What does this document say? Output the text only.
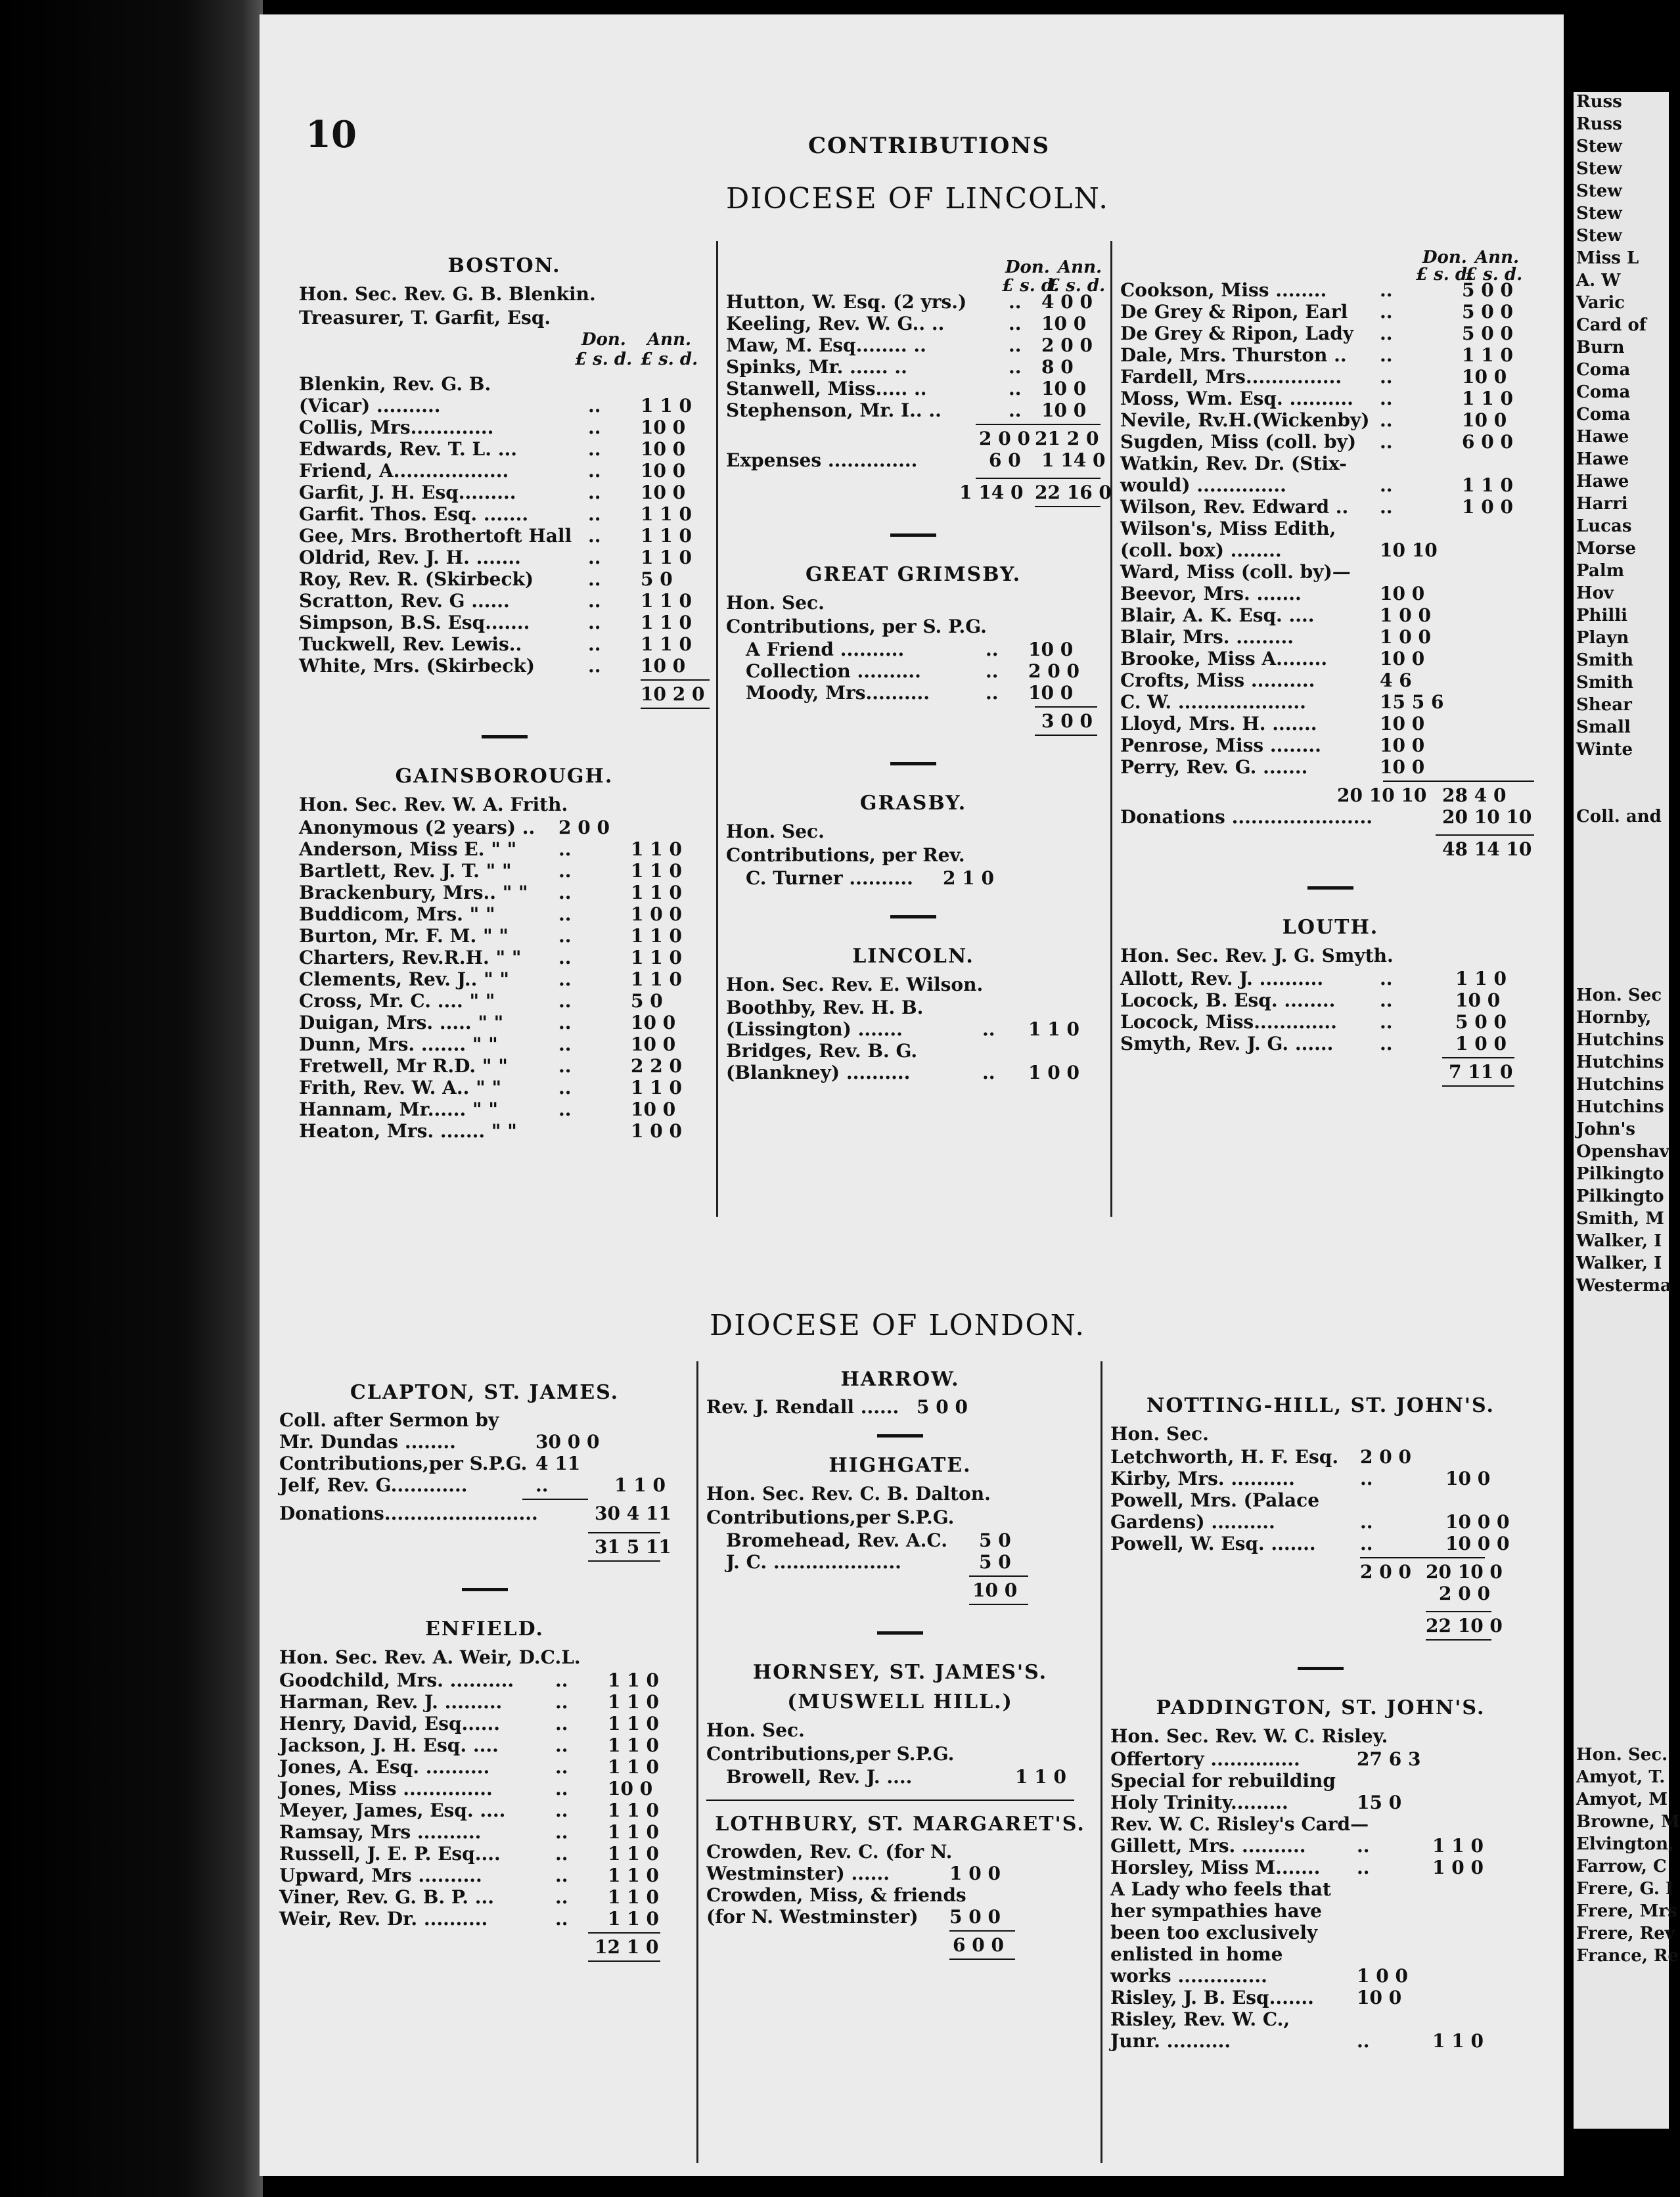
10	CONTRIBUTIONS
DIOCESE OF LINCOLN.
DIOCESE OF LONDON.
BOSTON.
Hon. Sec. Rev. G. B. Blenkin.
Treasurer, T. Garfit, Esq.
Don. Ann.
£ s. d. £ s. d.
Blenkin, Rev. G. B.
(Vicar) ..........	.. 1 1 0
Collis, Mrs.............	.. 10 0
Edwards, Rev. T. L. ...	.. 10 0
Friend, A..................	.. 10 0
Garfit, J. H. Esq.........	.. 10 0
Garfit. Thos. Esq. .......	.. 1 1 0
Gee, Mrs. Brothertoft Hall .. 1 1 0
Oldrid, Rev. J. H. .......	.. 1 1 0
Roy, Rev. R. (Skirbeck)	.. 5 0
Scratton, Rev. G ......	.. 1 1 0
Simpson, B.S. Esq.......	.. 1 1 0
Tuckwell, Rev. Lewis..	.. 1 1 0
White, Mrs. (Skirbeck)	.. 10 0
10 2 0
GAINSBOROUGH.
Hon. Sec. Rev. W. A. Frith.
Anonymous (2 years) .. 2 0 0
Anderson, Miss E. " " ..	1 1 0
Bartlett, Rev. J. T. " "	..	1 1 0
Brackenbury, Mrs.. " " ..	1 1 0
Buddicom, Mrs. " "	..	1 0 0
Burton, Mr. F. M. " "	..	1 1 0
Charters, Rev.R.H. " " ..	1 1 0
Clements, Rev. J.. " "	..	1 1 0
Cross, Mr. C. .... " "	..	5 0
Duigan, Mrs. ..... " "	..	10 0
Dunn, Mrs. ....... " "	..	10 0
Fretwell, Mr R.D. " "	..	2 2 0
Frith, Rev. W. A.. " "	..	1 1 0
Hannam, Mr...... " "	..	10 0
Heaton, Mrs. ....... " "	1 0 0
Don. Ann.
£ s. d.
£ s. d.
Hutton, W. Esq. (2 yrs.) .. 4 0 0
Keeling, Rev. W. G.. ..	.. 10 0
Maw, M. Esq........ ..	.. 2 0 0
Spinks, Mr. ...... ..	.. 8 0
Stanwell, Miss..... ..	.. 10 0
Stephenson, Mr. I.. ..	.. 10 0
2 0 0 21 2 0
Expenses ..............	6 0 1 14 0
1 14 0 22 16 0
GREAT GRIMSBY.
Hon. Sec.
Contributions, per S. P.G.
A Friend ..........	.. 10 0
Collection ..........	.. 2 0 0
Moody, Mrs..........	.. 10 0
3 0 0
GRASBY.
Hon. Sec.
Contributions, per Rev.
C. Turner .......... 2 1 0
LINCOLN.
Hon. Sec. Rev. E. Wilson.
Boothby, Rev. H. B.
(Lissington) .......	.. 1 1 0
Bridges, Rev. B. G.
(Blankney) ..........	.. 1 0 0
Don. Ann.
£ s. d.
£ s. d.
Cookson, Miss ........	..	5 0 0
De Grey & Ripon, Earl ..	5 0 0
De Grey & Ripon, Lady ..	5 0 0
Dale, Mrs. Thurston .. ..	1 1 0
Fardell, Mrs............... ..	10 0
Moss, Wm. Esq. .......... ..	1 1 0
Nevile, Rv.H.(Wickenby) ..	10 0
Sugden, Miss (coll. by) ..	6 0 0
Watkin, Rev. Dr. (Stix-
would) ..............	..	1 1 0
Wilson, Rev. Edward .. ..	1 0 0
Wilson's, Miss Edith,
(coll. box) ........	10 10
Ward, Miss (coll. by)—
Beevor, Mrs. .......	10 0
Blair, A. K. Esq. ....	1 0 0
Blair, Mrs. .........	1 0 0
Brooke, Miss A........	10 0
Crofts, Miss ..........	4 6
C. W. ....................	15 5 6
Lloyd, Mrs. H. .......	10 0
Penrose, Miss ........	10 0
Perry, Rev. G. .......	10 0
20 10 10 28 4 0
Donations ......................	20 10 10
48 14 10
LOUTH.
Hon. Sec. Rev. J. G. Smyth.
Allott, Rev. J. ..........	..	1 1 0
Locock, B. Esq. ........ ..	10 0
Locock, Miss............. ..	5 0 0
Smyth, Rev. J. G. ......	..	1 0 0
7 11 0
CLAPTON, ST. JAMES.
Coll. after Sermon by
Mr. Dundas ........	30 0 0
Contributions,per S.P.G. 4 11
Jelf, Rev. G............	..	1 1 0
Donations........................	30 4 11
31 5 11
ENFIELD.
Hon. Sec. Rev. A. Weir, D.C.L.
Goodchild, Mrs. .......... .. 1 1 0
Harman, Rev. J. .........	.. 1 1 0
Henry, David, Esq......	.. 1 1 0
Jackson, J. H. Esq. ....	.. 1 1 0
Jones, A. Esq. ..........	.. 1 1 0
Jones, Miss ..............	.. 10 0
Meyer, James, Esq. ....	.. 1 1 0
Ramsay, Mrs ..........	.. 1 1 0
Russell, J. E. P. Esq....	.. 1 1 0
Upward, Mrs ..........	.. 1 1 0
Viner, Rev. G. B. P. ...	.. 1 1 0
Weir, Rev. Dr. ..........	.. 1 1 0
12 1 0
HARROW.
Rev. J. Rendall ...... 5 0 0
HIGHGATE.
Hon. Sec. Rev. C. B. Dalton.
Contributions,per S.P.G.
Bromehead, Rev. A.C. 5 0
J. C. ....................	5 0
10 0
HORNSEY, ST. JAMES'S.
(MUSWELL HILL.)
Hon. Sec.
Contributions,per S.P.G.
Browell, Rev. J. ....	1 1 0
LOTHBURY, ST. MARGARET'S.
Crowden, Rev. C. (for N.
Westminster) ......	1 0 0
Crowden, Miss, & friends
(for N. Westminster) 5 0 0
6 0 0
NOTTING-HILL, ST. JOHN'S.
Hon. Sec.
Letchworth, H. F. Esq. 2 0 0
Kirby, Mrs. ..........	..	10 0
Powell, Mrs. (Palace
Gardens) ..........	..	10 0 0
Powell, W. Esq. ....... ..	10 0 0
2 0 0 20 10 0
2 0 0
22 10 0
PADDINGTON, ST. JOHN'S.
Hon. Sec. Rev. W. C. Risley.
Offertory ..............	27 6 3
Special for rebuilding
Holy Trinity.........	15 0
Rev. W. C. Risley's Card—
Gillett, Mrs. ..........	..	1 1 0
Horsley, Miss M....... ..	1 0 0
A Lady who feels that
her sympathies have
been too exclusively
enlisted in home
works ..............	1 0 0
Risley, J. B. Esq....... 10 0
Risley, Rev. W. C.,
Junr. ..........	..	1 1 0
Russ
Russ
Stew
Stew
Stew
Stew
Stew
Miss L
A. W
Varic
Card of
Burn
Coma
Coma
Coma
Hawe
Hawe
Hawe
Harri
Lucas
Morse
Palm
Hov
Philli
Playn
Smith
Smith
Shear
Small
Winte
Coll. and
Hon. Sec
Hornby,
Hutchins
Hutchins
Hutchins
Hutchins
John's
Openshav
Pilkingto
Pilkingto
Smith, M
Walker, I
Walker, I
Westerma
Hon. Sec.
Amyot, T.
Amyot, M
Browne, M
Elvington,
Farrow, C
Frere, G. I
Frere, Mrs
Frere, Rev
France, Re
